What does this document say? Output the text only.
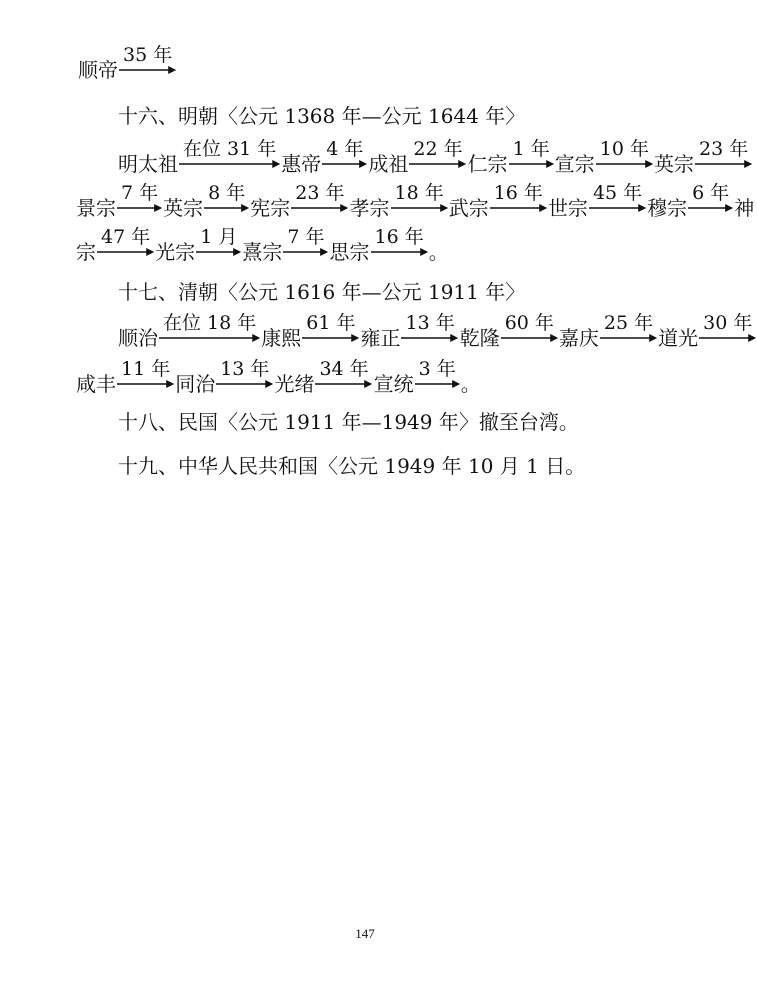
顺帝
35 年
十六、明朝〈公元 1368 年—公元 1644 年〉
明太祖
在位 31 年
惠帝
4 年
成祖
22 年
仁宗
1 年
宣宗
10 年
英宗
23 年
景宗
7 年
英宗
8 年
宪宗
23 年
孝宗
18 年
武宗
16 年
世宗
45 年
穆宗
6 年
神
宗
47 年
光宗
1 月
熹宗
7 年
思宗
16 年
。
十七、清朝〈公元 1616 年—公元 1911 年〉
顺治
在位 18 年
康熙
61 年
雍正
13 年
乾隆
60 年
嘉庆
25 年
道光
30 年
咸丰
11 年
同治
13 年
光绪
34 年
宣统
3 年
。
十八、民国〈公元 1911 年—1949 年〉撤至台湾。
十九、中华人民共和国〈公元 1949 年 10 月 1 日。
147
